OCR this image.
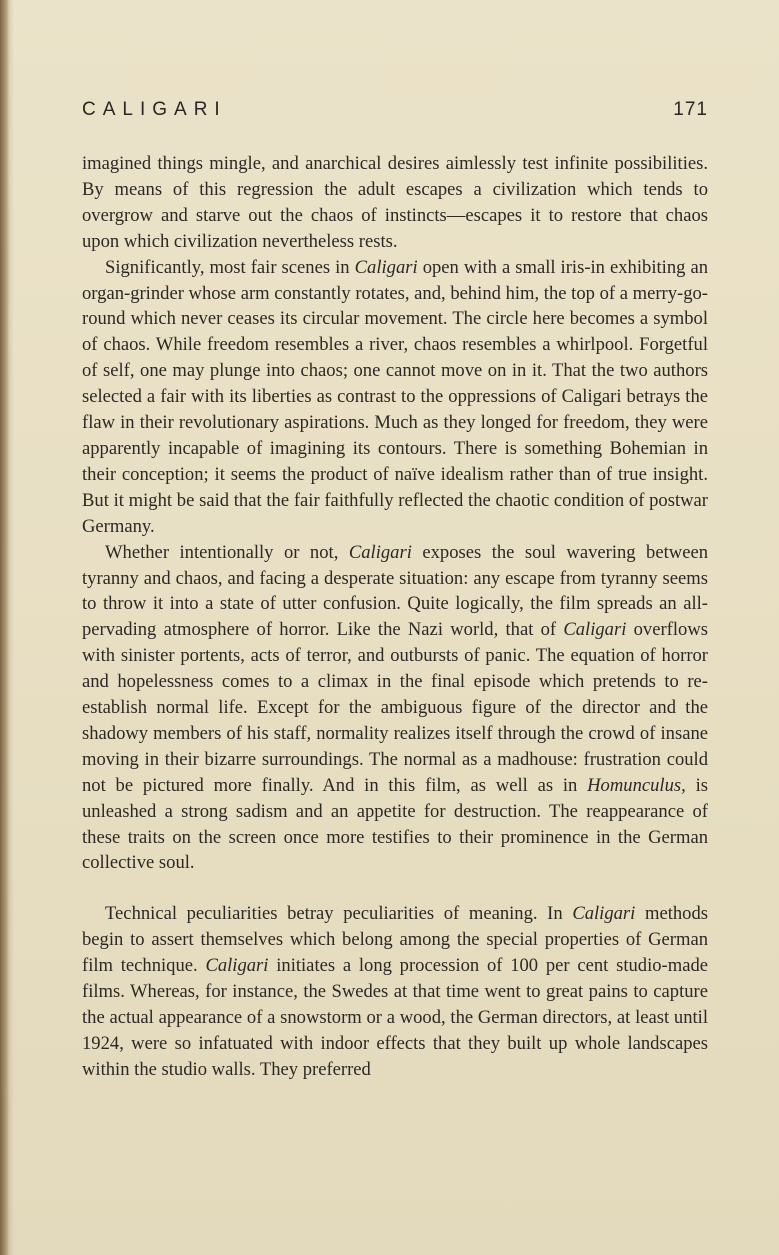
CALIGARI	171

imagined things mingle, and anarchical desires aimlessly test infinite possibilities. By means of this regression the adult escapes a civilization which tends to overgrow and starve out the chaos of instincts—escapes it to restore that chaos upon which civilization nevertheless rests.

Significantly, most fair scenes in Caligari open with a small iris-in exhibiting an organ-grinder whose arm constantly rotates, and, behind him, the top of a merry-go-round which never ceases its circular movement. The circle here becomes a symbol of chaos. While freedom resembles a river, chaos resembles a whirlpool. Forgetful of self, one may plunge into chaos; one cannot move on in it. That the two authors selected a fair with its liberties as contrast to the oppressions of Caligari betrays the flaw in their revolutionary aspirations. Much as they longed for freedom, they were apparently incapable of imagining its contours. There is something Bohemian in their conception; it seems the product of naïve idealism rather than of true insight. But it might be said that the fair faithfully reflected the chaotic condition of postwar Germany.

Whether intentionally or not, Caligari exposes the soul wavering between tyranny and chaos, and facing a desperate situation: any escape from tyranny seems to throw it into a state of utter confusion. Quite logically, the film spreads an all-pervading atmosphere of horror. Like the Nazi world, that of Caligari overflows with sinister portents, acts of terror, and outbursts of panic. The equation of horror and hopelessness comes to a climax in the final episode which pretends to re-establish normal life. Except for the ambiguous figure of the director and the shadowy members of his staff, normality realizes itself through the crowd of insane moving in their bizarre surroundings. The normal as a madhouse: frustration could not be pictured more finally. And in this film, as well as in Homunculus, is unleashed a strong sadism and an appetite for destruction. The reappearance of these traits on the screen once more testifies to their prominence in the German collective soul.

Technical peculiarities betray peculiarities of meaning. In Caligari methods begin to assert themselves which belong among the special properties of German film technique. Caligari initiates a long procession of 100 per cent studio-made films. Whereas, for instance, the Swedes at that time went to great pains to capture the actual appearance of a snowstorm or a wood, the German directors, at least until 1924, were so infatuated with indoor effects that they built up whole landscapes within the studio walls. They preferred
